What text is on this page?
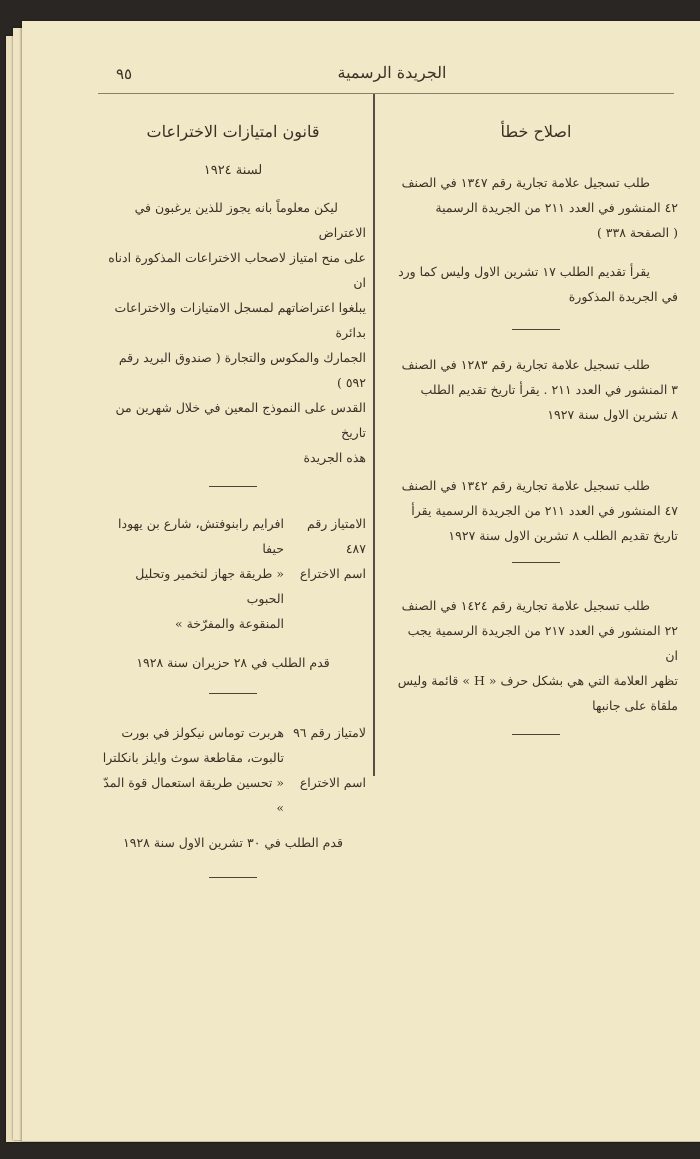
٩٥	الجريدة الرسمية
اصلاح خطأ
طلب تسجيل علامة تجارية رقم ١٣٤٧ في الصنف
٤٢ المنشور في العدد ٢١١ من الجريدة الرسمية
( الصفحة ٣٣٨ )
يقرأ تقديم الطلب ١٧ تشرين الاول وليس كما ورد
في الجريدة المذكورة
طلب تسجيل علامة تجارية رقم ١٢٨٣ في الصنف
٣ المنشور في العدد ٢١١ . يقرأ تاريخ تقديم الطلب
٨ تشرين الاول سنة ١٩٢٧
طلب تسجيل علامة تجارية رقم ١٣٤٢ في الصنف
٤٧ المنشور في العدد ٢١١ من الجريدة الرسمية يقرأ
تاريخ تقديم الطلب ٨ تشرين الاول سنة ١٩٢٧
طلب تسجيل علامة تجارية رقم ١٤٢٤ في الصنف
٢٢ المنشور في العدد ٢١٧ من الجريدة الرسمية يجب ان
تظهر العلامة التي هي بشكل حرف « H » قائمة وليس
ملقاة على جانبها
قانون امتيازات الاختراعات
لسنة ١٩٢٤
ليكن معلوماً بانه يجوز للذين يرغبون في الاعتراض
على منح امتياز لاصحاب الاختراعات المذكورة ادناه ان
يبلغوا اعتراضاتهم لمسجل الامتيازات والاختراعات بدائرة
الجمارك والمكوس والتجارة ( صندوق البريد رقم ٥٩٢ )
القدس على النموذج المعين في خلال شهرين من تاريخ
هذه الجريدة
الامتياز رقم ٤٨٧
افرايم رابنوفتش، شارع بن يهودا حيفا
اسم الاختراع
« طريقة جهاز لتخمير وتحليل الحبوب
المنقوعة والمفرّخة »
قدم الطلب في ٢٨ حزيران سنة ١٩٢٨
لامتياز رقم ٩٦
هربرت توماس نيكولز في بورت
تالبوت، مقاطعة سوث وايلز بانكلترا
اسم الاختراع
« تحسين طريقة استعمال قوة المدّ »
قدم الطلب في ٣٠ تشرين الاول سنة ١٩٢٨
